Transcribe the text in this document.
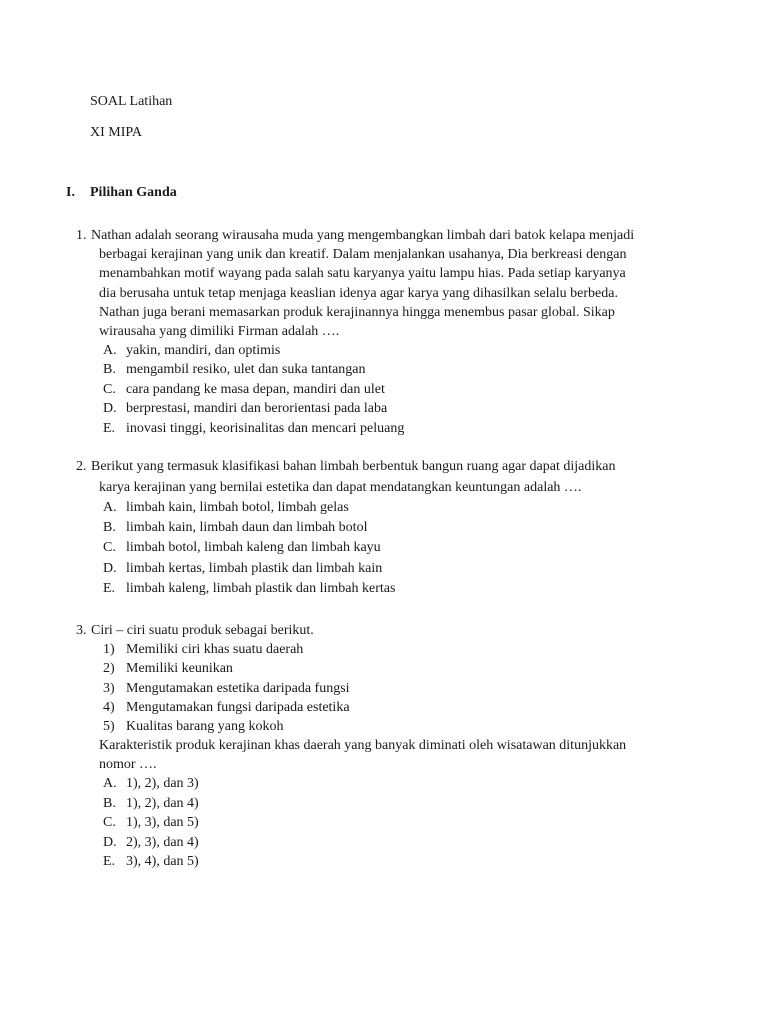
SOAL Latihan
XI MIPA
I. Pilihan Ganda
1. Nathan adalah seorang wirausaha muda yang mengembangkan limbah dari batok kelapa menjadi
berbagai kerajinan yang unik dan kreatif. Dalam menjalankan usahanya, Dia berkreasi dengan
menambahkan motif wayang pada salah satu karyanya yaitu lampu hias. Pada setiap karyanya
dia berusaha untuk tetap menjaga keaslian idenya agar karya yang dihasilkan selalu berbeda.
Nathan juga berani memasarkan produk kerajinannya hingga menembus pasar global. Sikap
wirausaha yang dimiliki Firman adalah ….
A. yakin, mandiri, dan optimis
B. mengambil resiko, ulet dan suka tantangan
C. cara pandang ke masa depan, mandiri dan ulet
D. berprestasi, mandiri dan berorientasi pada laba
E. inovasi tinggi, keorisinalitas dan mencari peluang
2. Berikut yang termasuk klasifikasi bahan limbah berbentuk bangun ruang agar dapat dijadikan
karya kerajinan yang bernilai estetika dan dapat mendatangkan keuntungan adalah ….
A. limbah kain, limbah botol, limbah gelas
B. limbah kain, limbah daun dan limbah botol
C. limbah botol, limbah kaleng dan limbah kayu
D. limbah kertas, limbah plastik dan limbah kain
E. limbah kaleng, limbah plastik dan limbah kertas
3. Ciri – ciri suatu produk sebagai berikut.
1) Memiliki ciri khas suatu daerah
2) Memiliki keunikan
3) Mengutamakan estetika daripada fungsi
4) Mengutamakan fungsi daripada estetika
5) Kualitas barang yang kokoh
Karakteristik produk kerajinan khas daerah yang banyak diminati oleh wisatawan ditunjukkan
nomor ….
A. 1), 2), dan 3)
B. 1), 2), dan 4)
C. 1), 3), dan 5)
D. 2), 3), dan 4)
E. 3), 4), dan 5)
